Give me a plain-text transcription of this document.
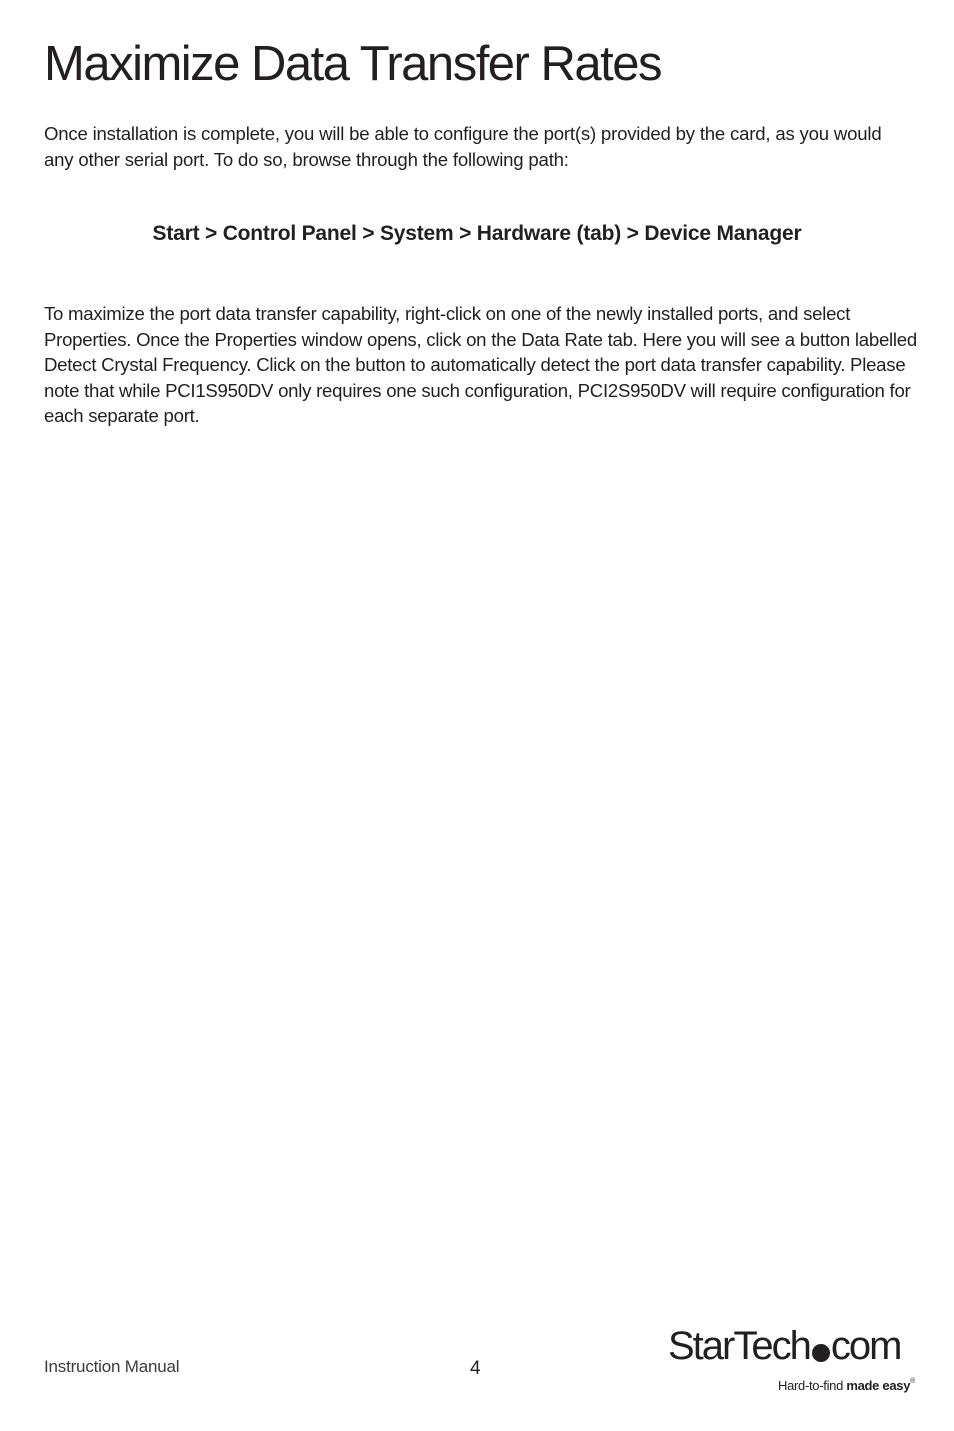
Maximize Data Transfer Rates

Once installation is complete, you will be able to configure the port(s) provided by the card, as you would any other serial port. To do so, browse through the following path:

Start > Control Panel > System > Hardware (tab) > Device Manager

To maximize the port data transfer capability, right-click on one of the newly installed ports, and select Properties. Once the Properties window opens, click on the Data Rate tab. Here you will see a button labelled Detect Crystal Frequency. Click on the button to automatically detect the port data transfer capability. Please note that while PCI1S950DV only requires one such configuration, PCI2S950DV will require configuration for each separate port.

Instruction Manual	4
StarTech com
Hard-to-find made easy®
